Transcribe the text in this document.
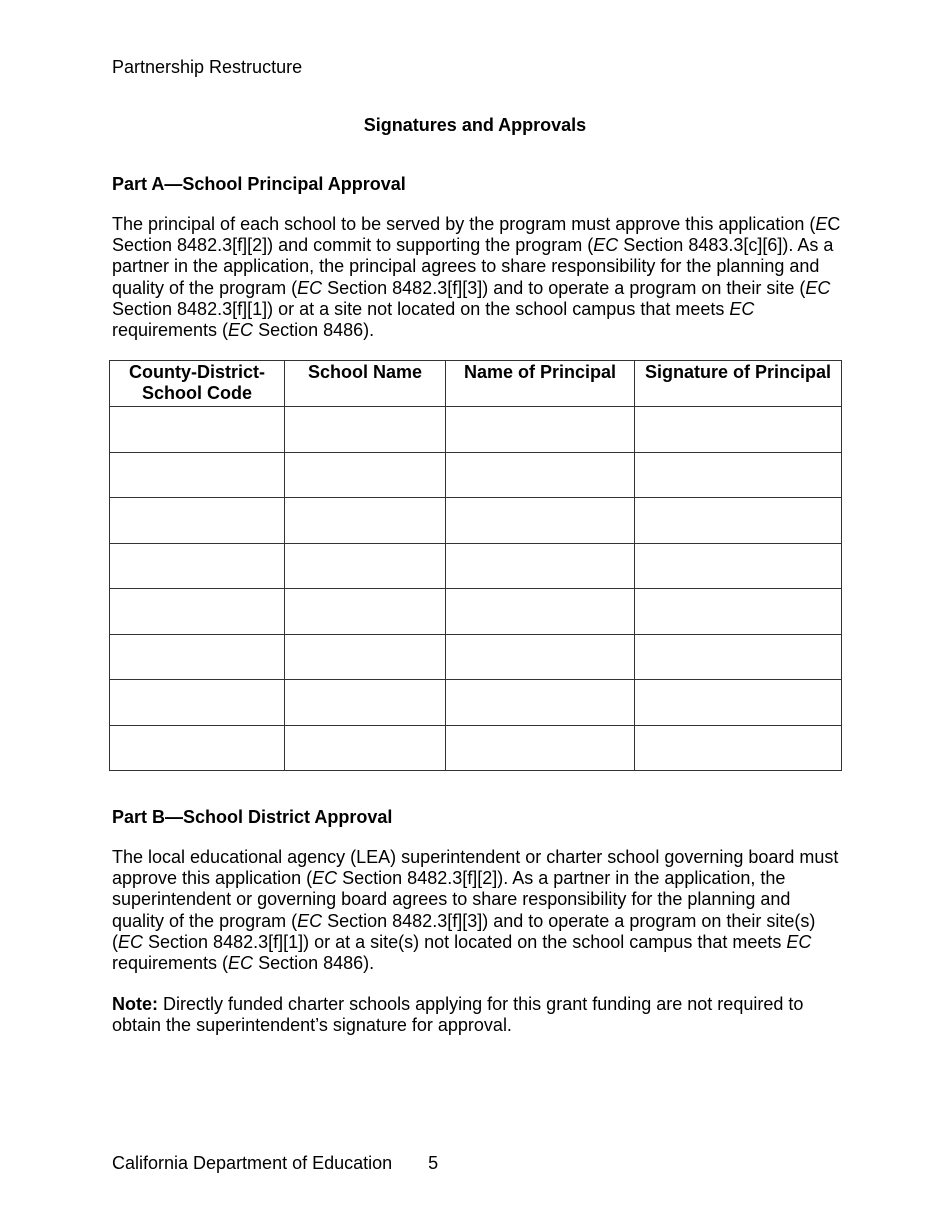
Partnership Restructure
Signatures and Approvals
Part A—School Principal Approval
The principal of each school to be served by the program must approve this application (EC Section 8482.3[f][2]) and commit to supporting the program (EC Section 8483.3[c][6]). As a partner in the application, the principal agrees to share responsibility for the planning and quality of the program (EC Section 8482.3[f][3]) and to operate a program on their site (EC Section 8482.3[f][1]) or at a site not located on the school campus that meets EC requirements (EC Section 8486).
County-District-School Code	School Name	Name of Principal	Signature of Principal

Part B—School District Approval
The local educational agency (LEA) superintendent or charter school governing board must approve this application (EC Section 8482.3[f][2]). As a partner in the application, the superintendent or governing board agrees to share responsibility for the planning and quality of the program (EC Section 8482.3[f][3]) and to operate a program on their site(s) (EC Section 8482.3[f][1]) or at a site(s) not located on the school campus that meets EC requirements (EC Section 8486).
Note: Directly funded charter schools applying for this grant funding are not required to obtain the superintendent’s signature for approval.
California Department of Education 5
